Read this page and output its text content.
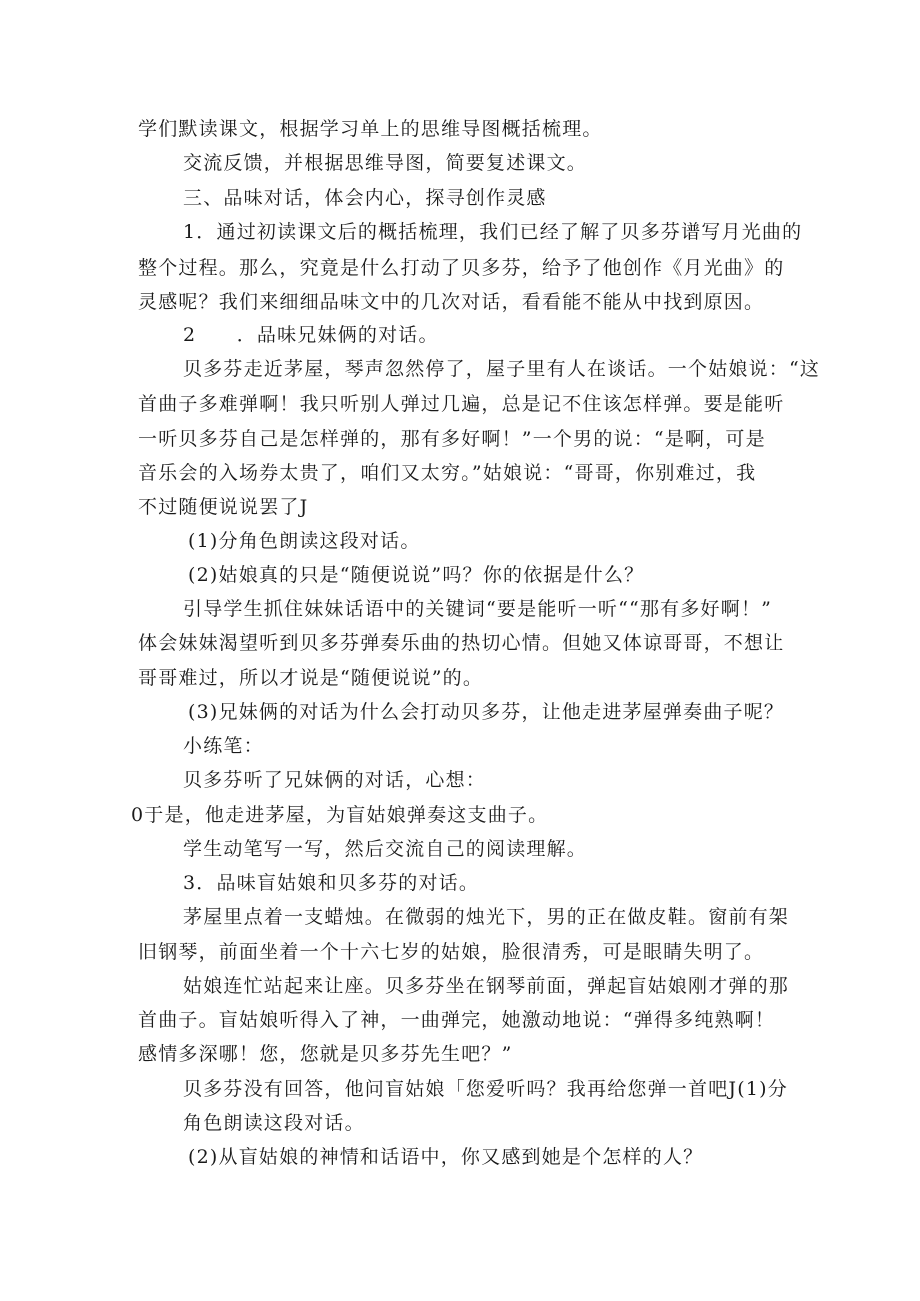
学们默读课文，根据学习单上的思维导图概括梳理。
交流反馈，并根据思维导图，简要复述课文。
三、品味对话，体会内心，探寻创作灵感
1．通过初读课文后的概括梳理，我们已经了解了贝多芬谱写月光曲的
整个过程。那么，究竟是什么打动了贝多芬，给予了他创作《月光曲》的
灵感呢？我们来细细品味文中的几次对话，看看能不能从中找到原因。
2　　．品味兄妹俩的对话。
贝多芬走近茅屋，琴声忽然停了，屋子里有人在谈话。一个姑娘说：“这
首曲子多难弹啊！我只听别人弹过几遍，总是记不住该怎样弹。要是能听
一听贝多芬自己是怎样弹的，那有多好啊！”一个男的说：“是啊，可是
音乐会的入场券太贵了，咱们又太穷。”姑娘说：“哥哥，你别难过，我
不过随便说说罢了J
(1)分角色朗读这段对话。
(2)姑娘真的只是“随便说说”吗？你的依据是什么？
引导学生抓住妹妹话语中的关键词“要是能听一听““那有多好啊！”
体会妹妹渴望听到贝多芬弹奏乐曲的热切心情。但她又体谅哥哥，不想让
哥哥难过，所以才说是“随便说说”的。
(3)兄妹俩的对话为什么会打动贝多芬，让他走进茅屋弹奏曲子呢？
小练笔：
贝多芬听了兄妹俩的对话，心想：
0于是，他走进茅屋，为盲姑娘弹奏这支曲子。
学生动笔写一写，然后交流自己的阅读理解。
3．品味盲姑娘和贝多芬的对话。
茅屋里点着一支蜡烛。在微弱的烛光下，男的正在做皮鞋。窗前有架
旧钢琴，前面坐着一个十六七岁的姑娘，脸很清秀，可是眼睛失明了。
姑娘连忙站起来让座。贝多芬坐在钢琴前面，弹起盲姑娘刚才弹的那
首曲子。盲姑娘听得入了神，一曲弹完，她激动地说：“弹得多纯熟啊！
感情多深哪！您，您就是贝多芬先生吧？”
贝多芬没有回答，他问盲姑娘「您爱听吗？我再给您弹一首吧J(1)分
角色朗读这段对话。
(2)从盲姑娘的神情和话语中，你又感到她是个怎样的人？
